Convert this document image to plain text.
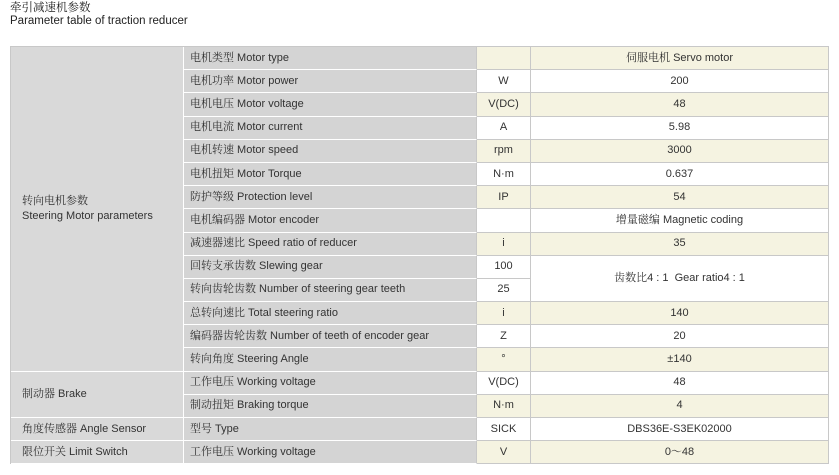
牵引减速机参数
Parameter table of traction reducer
转向电机参数
Steering Motor parameters	电机类型 Motor type		伺服电机 Servo motor
	电机功率 Motor power	W	200
	电机电压 Motor voltage	V(DC)	48
	电机电流 Motor current	A	5.98
	电机转速 Motor speed	rpm	3000
	电机扭矩 Motor Torque	N·m	0.637
	防护等级 Protection level	IP	54
	电机编码器 Motor encoder		增量磁编 Magnetic coding
	减速器速比 Speed ratio of reducer	i	35
	回转支承齿数 Slewing gear	100	齿数比4 : 1  Gear ratio4 : 1
	转向齿轮齿数 Number of steering gear teeth	25	
	总转向速比 Total steering ratio	i	140
	编码器齿轮齿数 Number of teeth of encoder gear	Z	20
	转向角度 Steering Angle	°	±140

制动器 Brake	工作电压 Working voltage	V(DC)	48
	制动扭矩 Braking torque	N·m	4

角度传感器 Angle Sensor	型号 Type	SICK	DBS36E-S3EK02000

限位开关 Limit Switch	工作电压 Working voltage	V	0～48
